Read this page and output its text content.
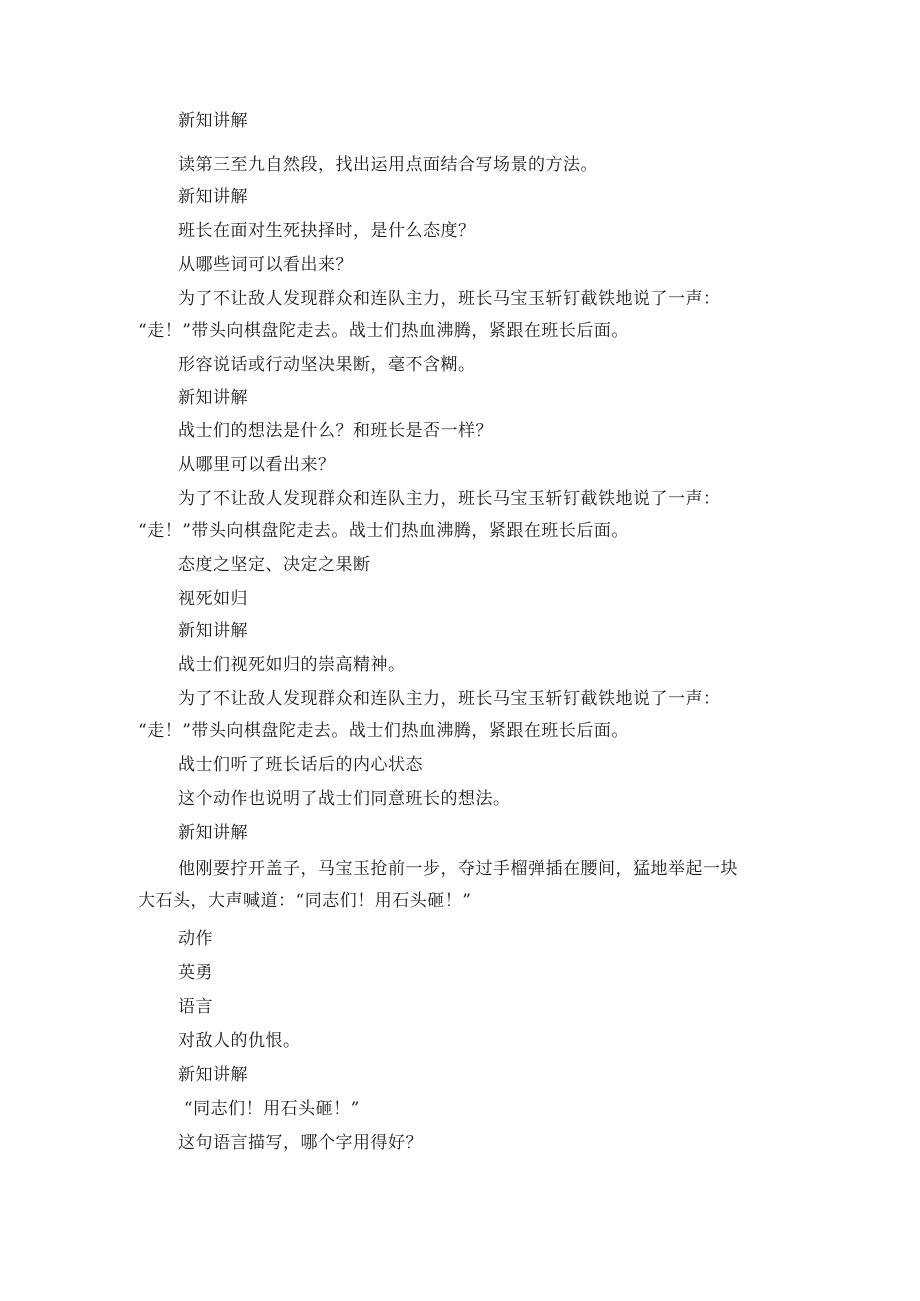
新知讲解
读第三至九自然段，找出运用点面结合写场景的方法。
新知讲解
班长在面对生死抉择时，是什么态度？
从哪些词可以看出来？
为了不让敌人发现群众和连队主力，班长马宝玉斩钉截铁地说了一声：
“走！”带头向棋盘陀走去。战士们热血沸腾，紧跟在班长后面。
形容说话或行动坚决果断，毫不含糊。
新知讲解
战士们的想法是什么？和班长是否一样？
从哪里可以看出来？
为了不让敌人发现群众和连队主力，班长马宝玉斩钉截铁地说了一声：
“走！”带头向棋盘陀走去。战士们热血沸腾，紧跟在班长后面。
态度之坚定、决定之果断
视死如归
新知讲解
战士们视死如归的崇高精神。
为了不让敌人发现群众和连队主力，班长马宝玉斩钉截铁地说了一声：
“走！”带头向棋盘陀走去。战士们热血沸腾，紧跟在班长后面。
战士们听了班长话后的内心状态
这个动作也说明了战士们同意班长的想法。
新知讲解
他刚要拧开盖子，马宝玉抢前一步，夺过手榴弹插在腰间，猛地举起一块
大石头，大声喊道：“同志们！用石头砸！”
动作
英勇
语言
对敌人的仇恨。
新知讲解
“同志们！用石头砸！”
这句语言描写，哪个字用得好？
